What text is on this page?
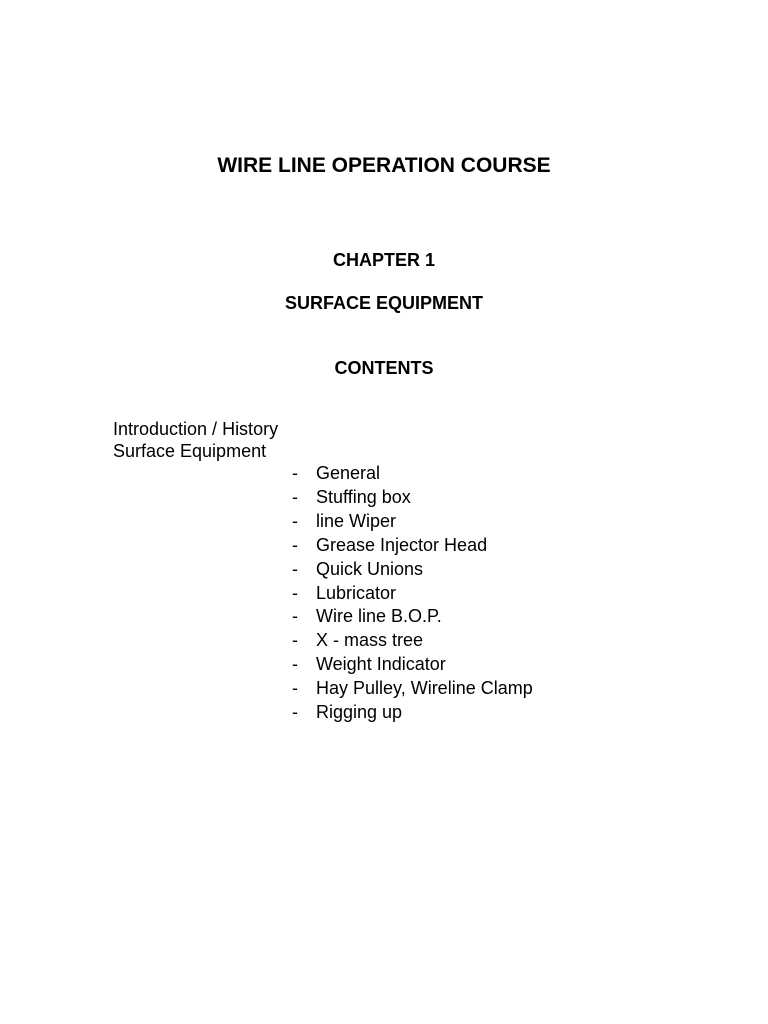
WIRE LINE OPERATION COURSE
CHAPTER 1
SURFACE EQUIPMENT
CONTENTS
Introduction / History
Surface Equipment
- General
- Stuffing box
- line Wiper
- Grease Injector Head
- Quick Unions
- Lubricator
- Wire line B.O.P.
- X - mass tree
- Weight Indicator
- Hay Pulley, Wireline Clamp
- Rigging up
